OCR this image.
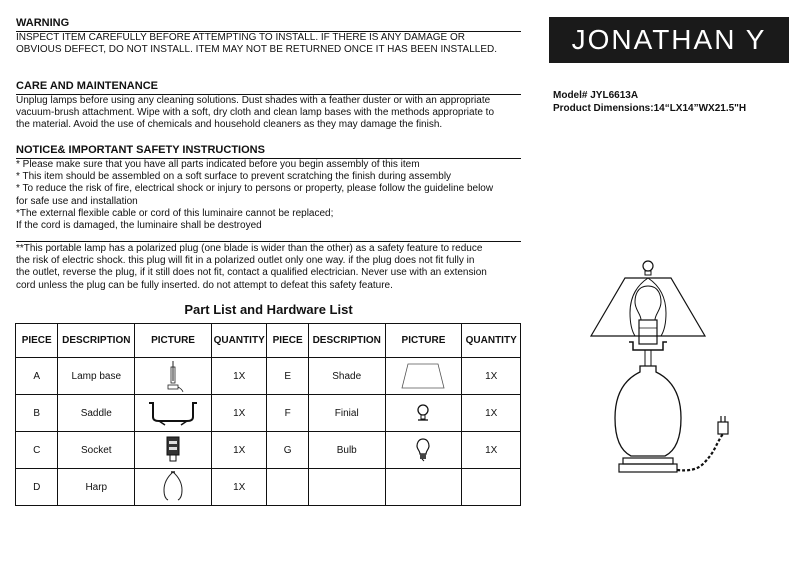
WARNING

INSPECT ITEM CAREFULLY BEFORE ATTEMPTING TO INSTALL. IF THERE IS ANY DAMAGE OR
OBVIOUS DEFECT, DO NOT INSTALL. ITEM MAY NOT BE RETURNED ONCE IT HAS BEEN INSTALLED.

CARE AND MAINTENANCE

Unplug lamps before using any cleaning solutions. Dust shades with a feather duster or with an appropriate
vacuum-brush attachment. Wipe with a soft, dry cloth and clean lamp bases with the methods appropriate to
the material. Avoid the use of chemicals and household cleaners as they may damage the finish.

NOTICE& IMPORTANT SAFETY INSTRUCTIONS

* Please make sure that you have all parts indicated before you begin assembly of this item
* This item should be assembled on a soft surface to prevent scratching the finish during assembly
* To reduce the risk of fire, electrical shock or injury to persons or property, please follow the guideline below
for safe use and installation
*The external flexible cable or cord of this luminaire cannot be replaced;
If the cord is damaged, the luminaire shall be destroyed

**This portable lamp has a polarized plug (one blade is wider than the other) as a safety feature to reduce
the risk of electric shock. this plug will fit in a polarized outlet only one way. if the plug does not fit fully in
the outlet, reverse the plug, if it still does not fit, contact a qualified electrician. Never use with an extension
cord unless the plug can be fully inserted. do not attempt to defeat this safety feature.

JONATHAN Y
Model# JYL6613A
Product Dimensions:14“LX14”WX21.5"H
Part List and Hardware List
PIECE	DESCRIPTION	PICTURE	QUANTITY	PIECE	DESCRIPTION	PICTURE	QUANTITY
A	Lamp base		1X	E	Shade		1X
B	Saddle		1X	F	Finial		1X
C	Socket		1X	G	Bulb		1X
D	Harp		1X				
